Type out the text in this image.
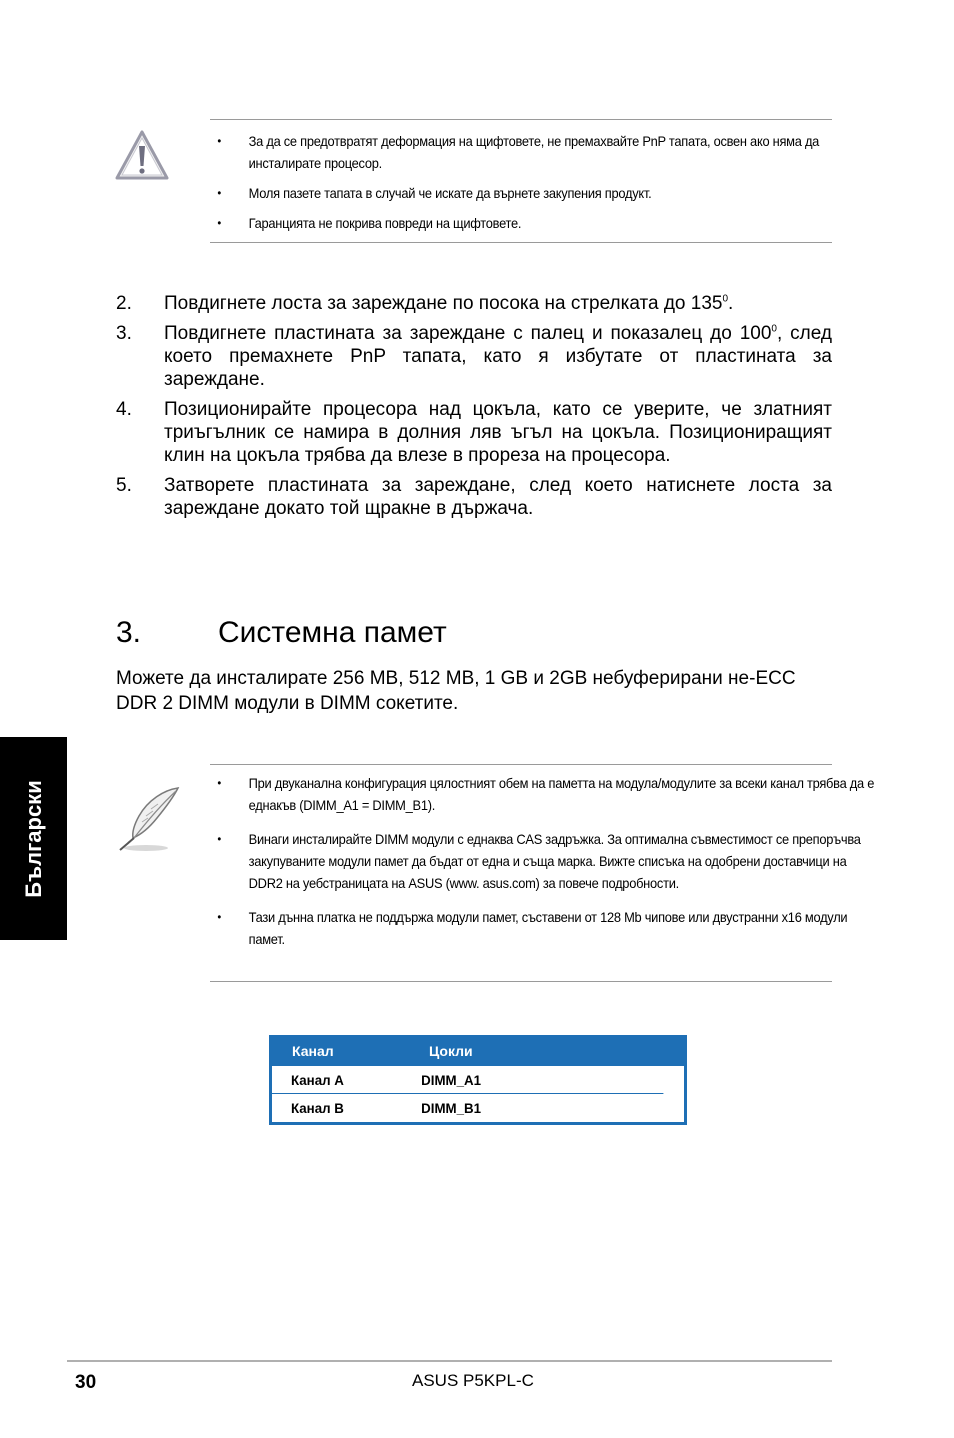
• За да се предотвратят деформация на щифтовете, не премахвайте PnP тапата, освен ако няма да инсталирате процесор.
• Моля пазете тапата в случай че искате да върнете закупения продукт.
• Гаранцията не покрива повреди на щифтовете.
2. Повдигнете лоста за зареждане по посока на стрелката до $135^0$.
3. Повдигнете пластината за зареждане с палец и показалец до $100^0$, след което премахнете PnP тапата, като я избутате от пластината за зареждане.
4. Позиционирайте процесора над цокъла, като се уверите, че златният триъгълник се намира в долния ляв ъгъл на цокъла. Позициониращият клин на цокъла трябва да влезе в прореза на процесора.
5. Затворете пластината за зареждане, след което натиснете лоста за зареждане докато той щракне в държача.
3.	Системна памет
Можете да инсталирате 256 MB, 512 MB, 1 GB и 2GB небуферирани не-ECC DDR 2 DIMM модули в DIMM сокетите.
Български
•	При двуканална конфигурация цялостният обем на паметта на модула/модулите за всеки канал трябва да е еднакъв (DIMM_A1 = DIMM_B1).
• Винаги инсталирайте DIMM модули с еднаква CAS задръжка. За оптимална съвместимост се препоръчва закупуваните модули памет да бъдат от една и съща марка. Вижте списъка на одобрени доставчици на DDR2 на уебстраницата на ASUS (www. asus.com) за повече подробности.
• Тази дънна платка не поддържа модули памет, съставени от 128 Mb чипове или двустранни x16 модули памет.
Канал	Цокли
Канал А	DIMM_A1
Канал В	DIMM_B1
30	ASUS P5KPL-C
